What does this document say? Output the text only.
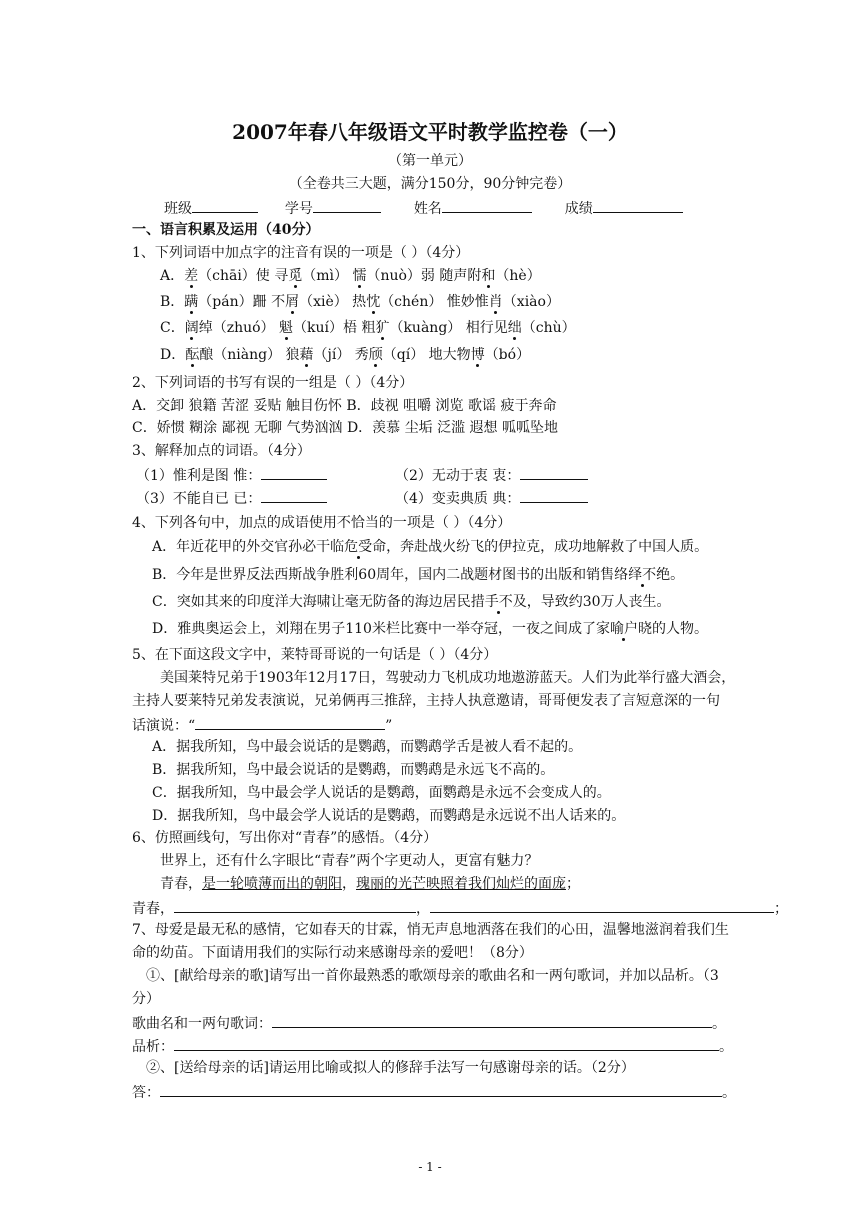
2007年春八年级语文平时教学监控卷（一）
（第一单元）
（全卷共三大题，满分150分，90分钟完卷）
班级	学号	姓名	成绩
一、语言积累及运用（40分）
1、下列词语中加点字的注音有误的一项是（ ）（4分）
A．差（chāi）使 寻觅（mì） 懦（nuò）弱 随声附和（hè）
B．蹒（pán）跚 不屑（xiè） 热忱（chén） 惟妙惟肖（xiào）
C．阔绰（zhuó） 魁（kuí）梧 粗犷（kuàng） 相行见绌（chù）
D．酝酿（niàng） 狼藉（jí） 秀颀（qí） 地大物博（bó）
2、下列词语的书写有误的一组是（ ）（4分）
A．交卸 狼籍 苦涩 妥贴 触目伤怀 B．歧视 咀嚼 浏览 歌谣 疲于奔命
C．娇惯 糊涂 鄙视 无聊 气势汹汹 D．羡慕 尘垢 泛滥 遐想 呱呱坠地
3、解释加点的词语。（4分）
（1）惟利是图 惟：	（2）无动于衷 衷：
（3）不能自已 已：	（4）变卖典质 典：
4、下列各句中，加点的成语使用不恰当的一项是（ ）（4分）
A．年近花甲的外交官孙必干临危受命，奔赴战火纷飞的伊拉克，成功地解救了中国人质。
B．今年是世界反法西斯战争胜利60周年，国内二战题材图书的出版和销售络绎不绝。
C．突如其来的印度洋大海啸让毫无防备的海边居民措手不及，导致约30万人丧生。
D．雅典奥运会上，刘翔在男子110米栏比赛中一举夺冠，一夜之间成了家喻户晓的人物。
5、在下面这段文字中，莱特哥哥说的一句话是（ ）（4分）
美国莱特兄弟于1903年12月17日，驾驶动力飞机成功地遨游蓝天。人们为此举行盛大酒会，
主持人要莱特兄弟发表演说，兄弟俩再三推辞，主持人执意邀请，哥哥便发表了言短意深的一句
话演说：“	”
A．据我所知，鸟中最会说话的是鹦鹉，而鹦鹉学舌是被人看不起的。
B．据我所知，鸟中最会说话的是鹦鹉，而鹦鹉是永远飞不高的。
C．据我所知，鸟中最会学人说话的是鹦鹉，面鹦鹉是永远不会变成人的。
D．据我所知，鸟中最会学人说话的是鹦鹉，而鹦鹉是永远说不出人话来的。
6、仿照画线句，写出你对“青春”的感悟。（4分）
世界上，还有什么字眼比“青春”两个字更动人，更富有魅力？
青春，是一轮喷薄而出的朝阳，瑰丽的光芒映照着我们灿烂的面庞；
青春，	，	；
7、母爱是最无私的感情，它如春天的甘霖，悄无声息地洒落在我们的心田，温馨地滋润着我们生
命的幼苗。下面请用我们的实际行动来感谢母亲的爱吧！（8分）
①、[献给母亲的歌]请写出一首你最熟悉的歌颂母亲的歌曲名和一两句歌词，并加以品析。（3
分）
歌曲名和一两句歌词：	。
品析：	。
②、[送给母亲的话]请运用比喻或拟人的修辞手法写一句感谢母亲的话。（2分）
答：	。
- 1 -
